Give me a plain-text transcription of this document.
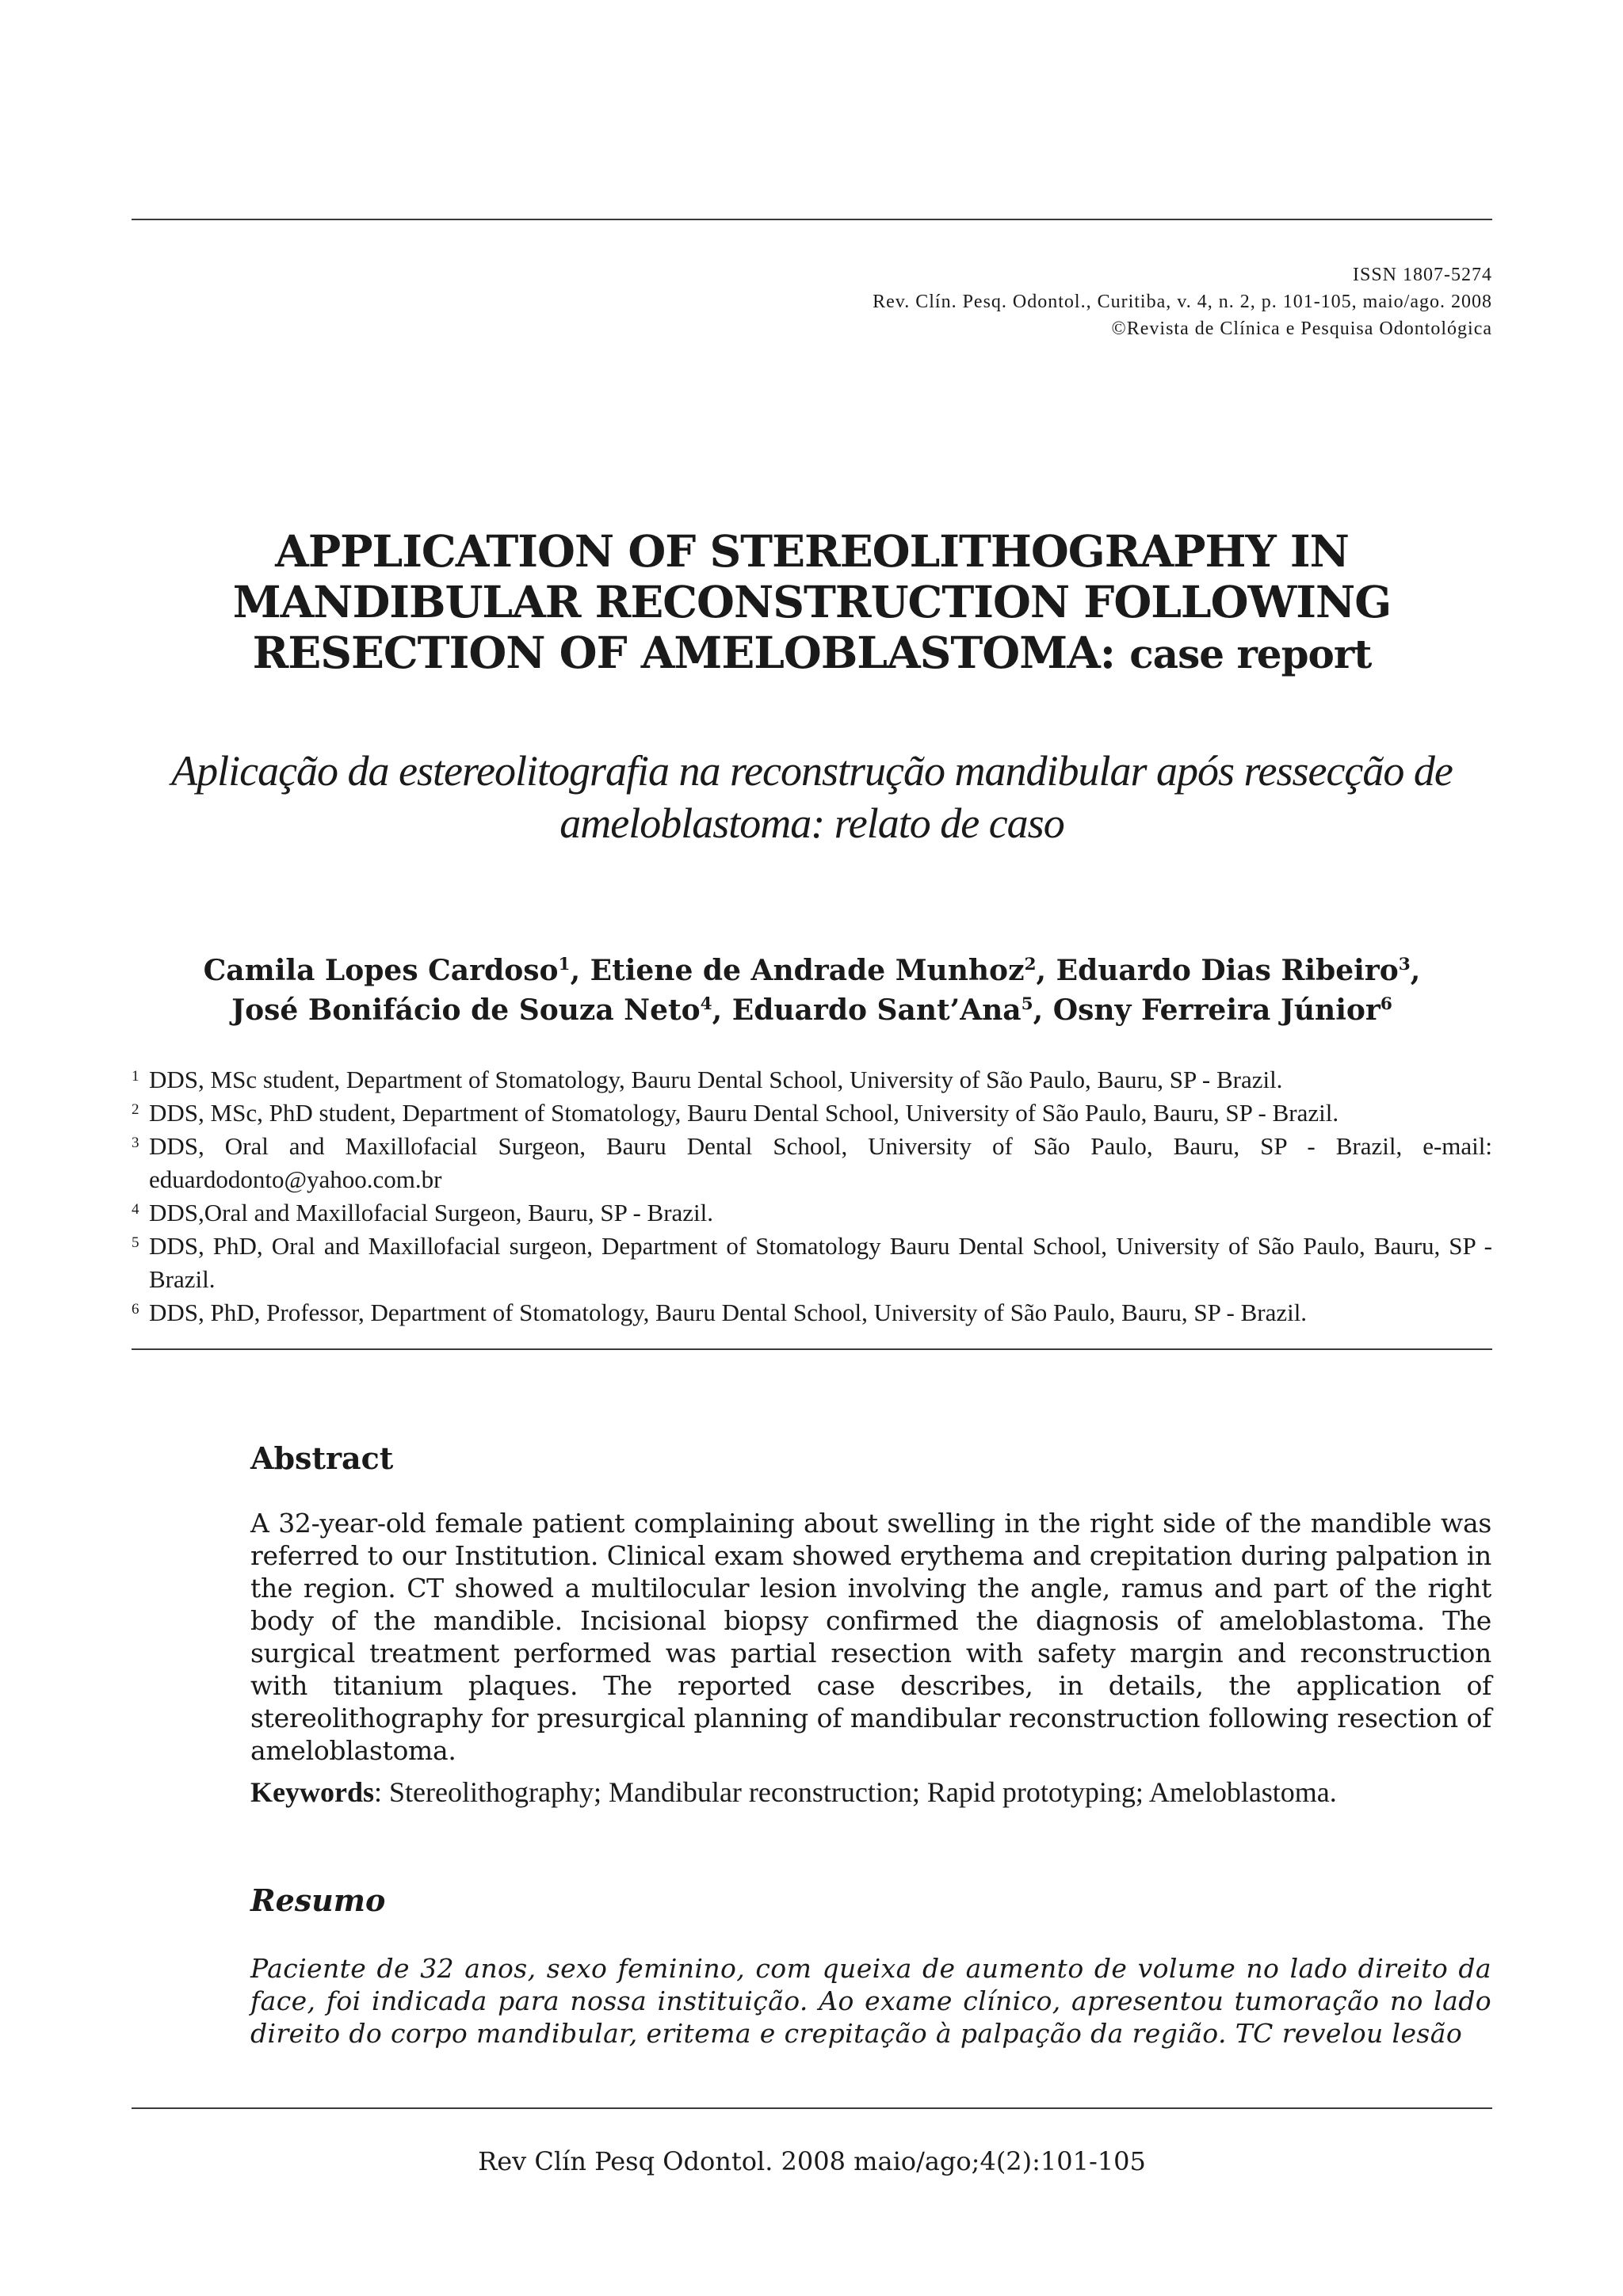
ISSN 1807-5274
Rev. Clín. Pesq. Odontol., Curitiba, v. 4, n. 2, p. 101-105, maio/ago. 2008
©Revista de Clínica e Pesquisa Odontológica
APPLICATION OF STEREOLITHOGRAPHY IN
MANDIBULAR RECONSTRUCTION FOLLOWING
RESECTION OF AMELOBLASTOMA: case report
Aplicação da estereolitografia na reconstrução mandibular após ressecção de
ameloblastoma: relato de caso
Camila Lopes Cardoso$^1$, Etiene de Andrade Munhoz$^2$, Eduardo Dias Ribeiro$^3$,
José Bonifácio de Souza Neto$^4$, Eduardo Sant’Ana$^5$, Osny Ferreira Júnior$^6$
1 DDS, MSc student, Department of Stomatology, Bauru Dental School, University of São Paulo, Bauru, SP - Brazil.
2 DDS, MSc, PhD student, Department of Stomatology, Bauru Dental School, University of São Paulo, Bauru, SP - Brazil.
3 DDS, Oral and Maxillofacial Surgeon, Bauru Dental School, University of São Paulo, Bauru, SP - Brazil, e-mail: eduardodonto@yahoo.com.br
4 DDS,Oral and Maxillofacial Surgeon, Bauru, SP - Brazil.
5 DDS, PhD, Oral and Maxillofacial surgeon, Department of Stomatology Bauru Dental School, University of São Paulo, Bauru, SP - Brazil.
6 DDS, PhD, Professor, Department of Stomatology, Bauru Dental School, University of São Paulo, Bauru, SP - Brazil.
Abstract
A 32-year-old female patient complaining about swelling in the right side of the mandible was referred to our Institution. Clinical exam showed erythema and crepitation during palpation in the region. CT showed a multilocular lesion involving the angle, ramus and part of the right body of the mandible. Incisional biopsy confirmed the diagnosis of ameloblastoma. The surgical treatment performed was partial resection with safety margin and reconstruction with titanium plaques. The reported case describes, in details, the application of stereolithography for presurgical planning of mandibular reconstruction following resection of ameloblastoma.
Keywords: Stereolithography; Mandibular reconstruction; Rapid prototyping; Ameloblastoma.
Resumo
Paciente de 32 anos, sexo feminino, com queixa de aumento de volume no lado direito da face, foi indicada para nossa instituição. Ao exame clínico, apresentou tumoração no lado direito do corpo mandibular, eritema e crepitação à palpação da região. TC revelou lesão
Rev Clín Pesq Odontol. 2008 maio/ago;4(2):101-105
